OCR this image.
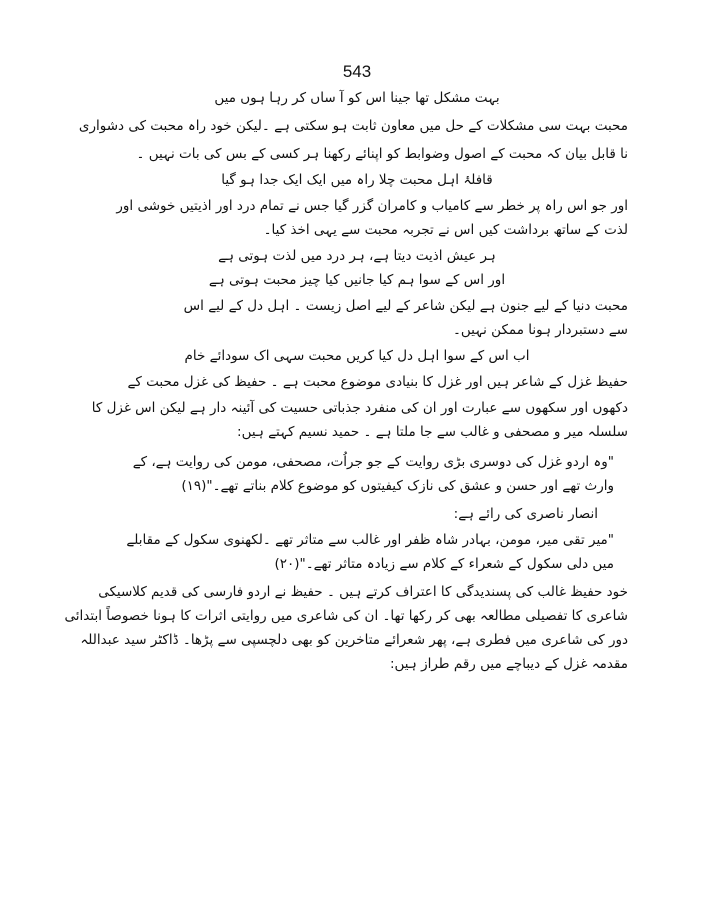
543
بہت مشکل تھا جینا اس کو آ ساں کر رہا ہوں میں
محبت بہت سی مشکلات کے حل میں معاون ثابت ہو سکتی ہے ۔لیکن خود راہ محبت کی دشواری
نا قابل بیان کہ محبت کے اصول وضوابط کو اپنائے رکھنا ہر کسی کے بس کی بات نہیں ۔
قافلۂ اہل محبت چلا راہ میں ایک ایک جدا ہو گیا
اور جو اس راہ پر خطر سے کامیاب و کامران گزر گیا جس نے تمام درد اور اذیتیں خوشی اور
لذت کے ساتھ برداشت کیں اس نے تجربہ محبت سے یہی اخذ کیا۔
ہر عیش اذیت دیتا ہے، ہر درد میں لذت ہوتی ہے
اور اس کے سوا ہم کیا جانیں کیا چیز محبت ہوتی ہے
محبت دنیا کے لیے جنون ہے لیکن شاعر کے لیے اصل زیست ۔ اہل دل کے لیے اس
سے دستبردار ہونا ممکن نہیں۔
اب اس کے سوا اہل دل کیا کریں محبت سہی اک سودائے خام
حفیظ غزل کے شاعر ہیں اور غزل کا بنیادی موضوع محبت ہے ۔ حفیظ کی غزل محبت کے
دکھوں اور سکھوں سے عبارت اور ان کی منفرد جذباتی حسیت کی آئینہ دار ہے لیکن اس غزل کا
سلسلہ میر و مصحفی و غالب سے جا ملتا ہے ۔ حمید نسیم کہتے ہیں:
"وہ اردو غزل کی دوسری بڑی روایت کے جو جراُت، مصحفی، مومن کی روایت ہے، کے
وارث تھے اور حسن و عشق کی نازک کیفیتوں کو موضوع کلام بناتے تھے۔"(۱۹)
انصار ناصری کی رائے ہے:
"میر تقی میر، مومن، بہادر شاہ ظفر اور غالب سے متاثر تھے ۔لکھنوی سکول کے مقابلے
میں دلی سکول کے شعراء کے کلام سے زیادہ متاثر تھے۔"(۲۰)
خود حفیظ غالب کی پسندیدگی کا اعتراف کرتے ہیں ۔ حفیظ نے اردو فارسی کی قدیم کلاسیکی
شاعری کا تفصیلی مطالعہ بھی کر رکھا تھا۔ ان کی شاعری میں روایتی اثرات کا ہونا خصوصاً ابتدائی
دور کی شاعری میں فطری ہے، پھر شعرائے متاخرین کو بھی دلچسپی سے پڑھا۔ ڈاکٹر سید عبداللہ
مقدمہ غزل کے دیباچے میں رقم طراز ہیں:
